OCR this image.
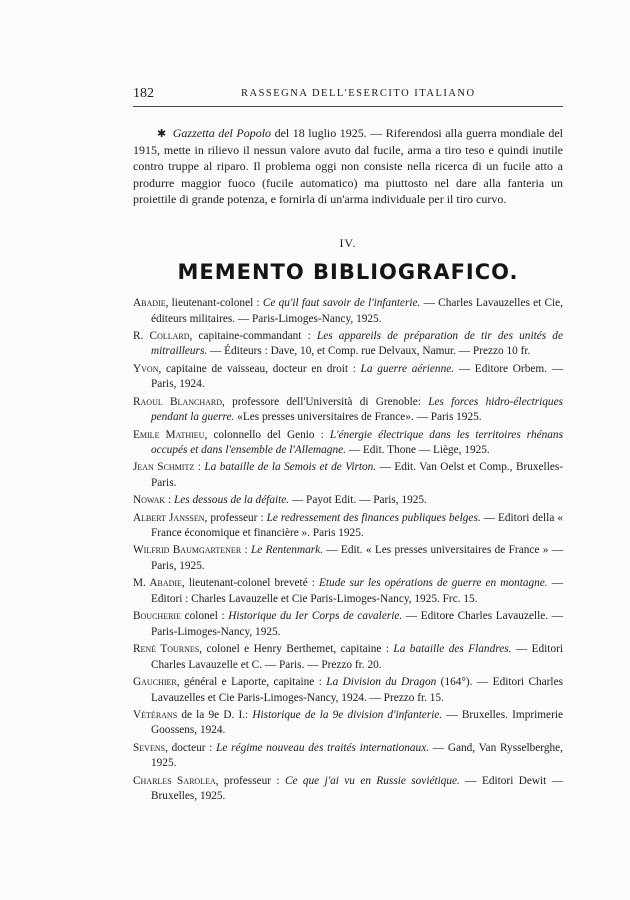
182	RASSEGNA DELL'ESERCITO ITALIANO

✱ Gazzetta del Popolo del 18 luglio 1925. — Riferendosi alla guerra mondiale del 1915, mette in rilievo il nessun valore avuto dal fucile, arma a tiro teso e quindi inutile contro truppe al riparo. Il problema oggi non consiste nella ricerca di un fucile atto a produrre maggior fuoco (fucile automatico) ma piuttosto nel dare alla fanteria un proiettile di grande potenza, e fornirla di un'arma individuale per il tiro curvo.

IV.
MEMENTO BIBLIOGRAFICO.

Abadie, lieutenant-colonel : Ce qu'il faut savoir de l'infanterie. — Charles Lavauzelles et Cie, éditeurs militaires. — Paris-Limoges-Nancy, 1925.

R. Collard, capitaine-commandant : Les appareils de préparation de tir des unités de mitrailleurs. — Éditeurs : Dave, 10, et Comp. rue Delvaux, Namur. — Prezzo 10 fr.

Yvon, capitaine de vaisseau, docteur en droit : La guerre aérienne. — Editore Orbem. — Paris, 1924.

Raoul Blanchard, professore dell'Università di Grenoble: Les forces hidro-électriques pendant la guerre. «Les presses universitaires de France». — Paris 1925.

Emile Mathieu, colonnello del Genio : L'énergie électrique dans les territoires rhénans occupés et dans l'ensemble de l'Allemagne. — Edit. Thone — Liège, 1925.

Jean Schmitz : La bataille de la Semois et de Virton. — Edit. Van Oelst et Comp., Bruxelles-Paris.

Nowak : Les dessous de la défaite. — Payot Edit. — Paris, 1925.

Albert Janssen, professeur : Le redressement des finances publiques belges. — Editori della « France économique et financière ». Paris 1925.

Wilfrid Baumgartener : Le Rentenmark. — Edit. « Les presses universitaires de France » — Paris, 1925.

M. Abadie, lieutenant-colonel breveté : Etude sur les opérations de guerre en montagne. — Editori : Charles Lavauzelle et Cie Paris-Limoges-Nancy, 1925. Frc. 15.

Boucherie colonel : Historique du Ier Corps de cavalerie. — Editore Charles Lavauzelle. — Paris-Limoges-Nancy, 1925.

René Tournes, colonel e Henry Berthemet, capitaine : La bataille des Flandres. — Editori Charles Lavauzelle et C. — Paris. — Prezzo fr. 20.

Gauchier, général e Laporte, capitaine : La Division du Dragon (164°). — Editori Charles Lavauzelles et Cie Paris-Limoges-Nancy, 1924. — Prezzo fr. 15.

Vétérans de la 9e D. I.: Historique de la 9e division d'infanterie. — Bruxelles. Imprimerie Goossens, 1924.

Sevens, docteur : Le régime nouveau des traités internationaux. — Gand, Van Rysselberghe, 1925.

Charles Sarolea, professeur : Ce que j'ai vu en Russie soviétique. — Editori Dewit — Bruxelles, 1925.
